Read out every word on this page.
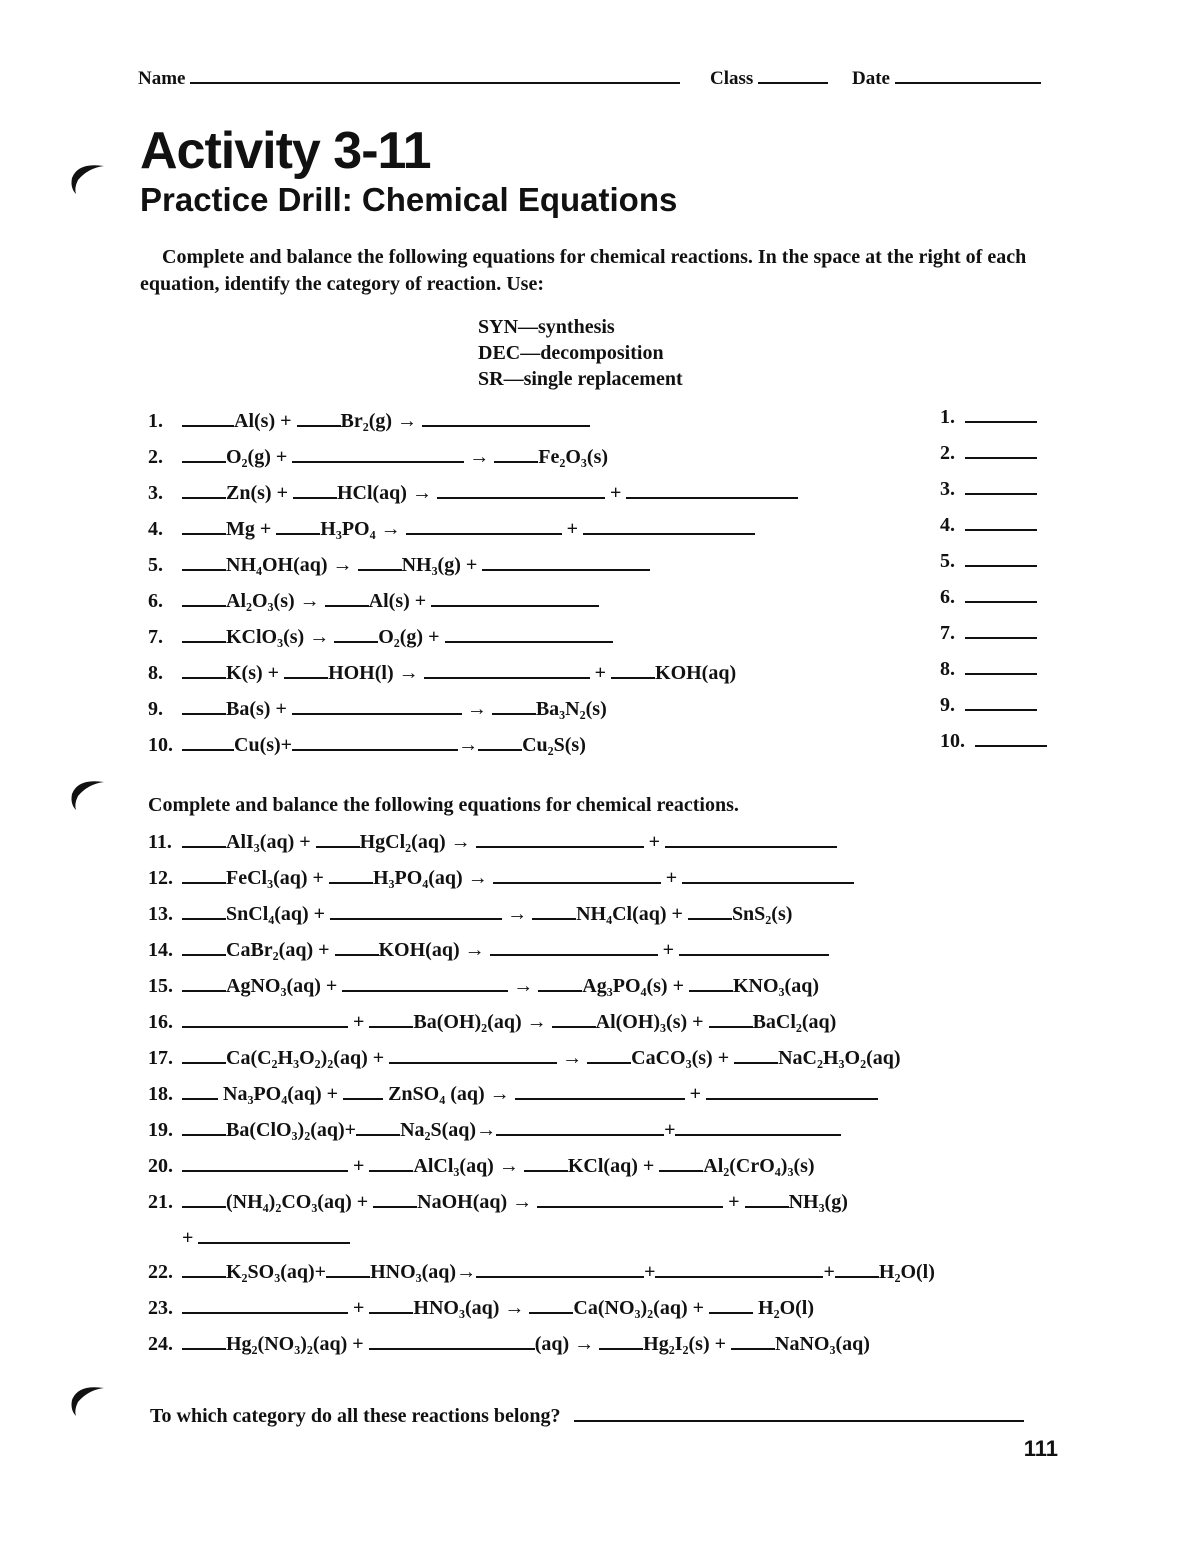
Name	Class	Date
Activity 3-11
Practice Drill: Chemical Equations
Complete and balance the following equations for chemical reactions. In the space at the right of each equation, identify the category of reaction. Use:
SYN—synthesis
DEC—decomposition
SR—single replacement
1.	Al(s) + Br₂(g) →
2.	O₂(g) +	→ Fe₂O₃(s)
3.	Zn(s) + HCl(aq) →	+
4.	Mg + H₃PO₄ →	+
5.	NH₄OH(aq) → NH₃(g) +
6.	Al₂O₃(s) → Al(s) +
7.	KClO₃(s) → O₂(g) +
8.	K(s) + HOH(l) →	+ KOH(aq)
9.	Ba(s) +	→ Ba₃N₂(s)
10.	Cu(s)+	→ Cu₂S(s)
1.
2.
3.
4.
5.
6.
7.
8.
9.
10.
Complete and balance the following equations for chemical reactions.
11.	AlI₃(aq) + HgCl₂(aq) →	+
12.	FeCl₃(aq) + H₃PO₄(aq) →	+
13.	SnCl₄(aq) +	→ NH₄Cl(aq) + SnS₂(s)
14.	CaBr₂(aq) + KOH(aq) →	+
15.	AgNO₃(aq) +	→ Ag₃PO₄(s) + KNO₃(aq)
16.	+ Ba(OH)₂(aq) → Al(OH)₃(s) + BaCl₂(aq)
17.	Ca(C₂H₃O₂)₂(aq) +	→ CaCO₃(s) + NaC₂H₃O₂(aq)
18. Na₃PO₄(aq) +  ZnSO₄ (aq) →	+
19.	Ba(ClO₃)₂(aq)+ Na₂S(aq)→	+
20.	+ AlCl₃(aq) → KCl(aq) + Al₂(CrO₄)₃(s)
21.	(NH₄)₂CO₃(aq) + NaOH(aq) →	+ NH₃(g)
+
22.	K₂SO₃(aq)+ HNO₃(aq)→	+	+ H₂O(l)
23.	+ HNO₃(aq) → Ca(NO₃)₂(aq) +  H₂O(l)
24.	Hg₂(NO₃)₂(aq) +	(aq) → Hg₂I₂(s) + NaNO₃(aq)
To which category do all these reactions belong?
111
